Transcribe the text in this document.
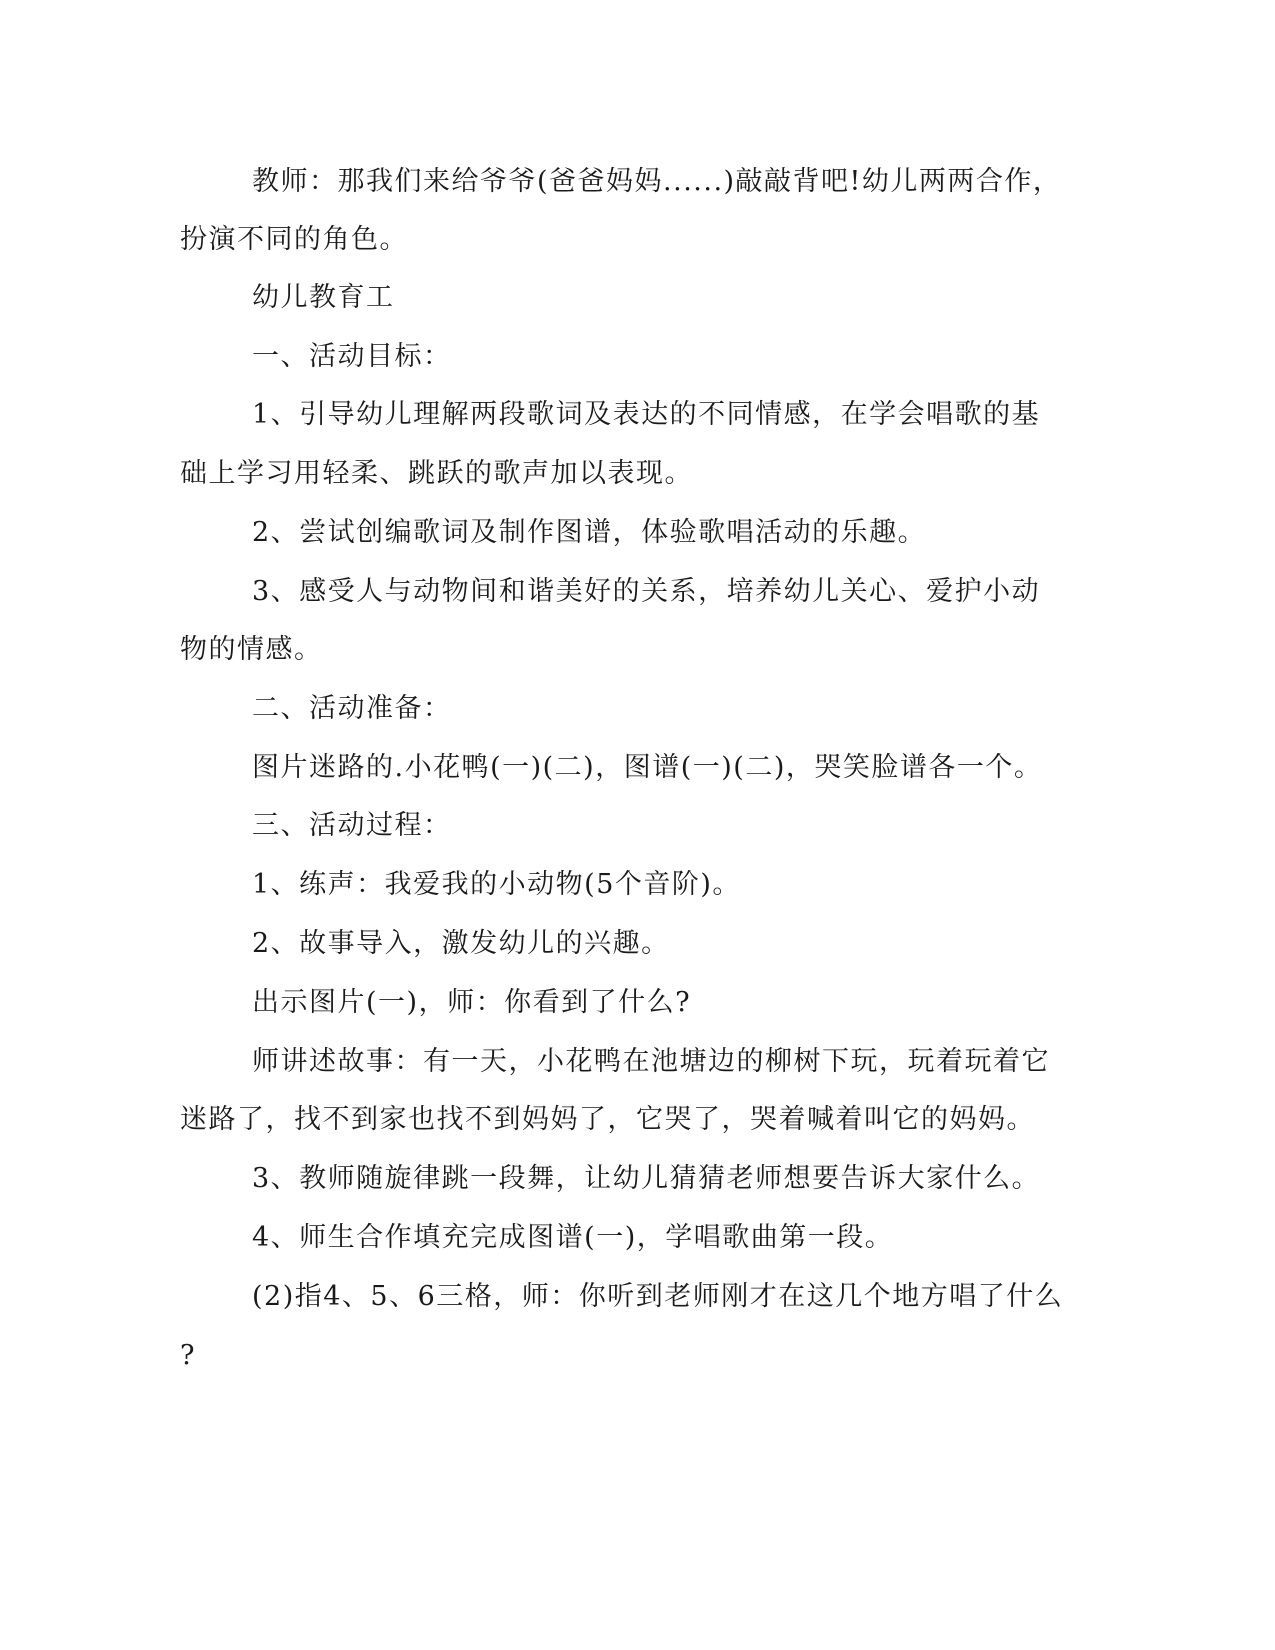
教师：那我们来给爷爷(爸爸妈妈......)敲敲背吧!幼儿两两合作，

扮演不同的角色。

幼儿教育工

一、活动目标：

1、引导幼儿理解两段歌词及表达的不同情感，在学会唱歌的基

础上学习用轻柔、跳跃的歌声加以表现。

2、尝试创编歌词及制作图谱，体验歌唱活动的乐趣。

3、感受人与动物间和谐美好的关系，培养幼儿关心、爱护小动

物的情感。

二、活动准备：

图片迷路的.小花鸭(一)(二)，图谱(一)(二)，哭笑脸谱各一个。

三、活动过程：

1、练声：我爱我的小动物(5个音阶)。

2、故事导入，激发幼儿的兴趣。

出示图片(一)，师：你看到了什么?

师讲述故事：有一天，小花鸭在池塘边的柳树下玩，玩着玩着它

迷路了，找不到家也找不到妈妈了，它哭了，哭着喊着叫它的妈妈。

3、教师随旋律跳一段舞，让幼儿猜猜老师想要告诉大家什么。

4、师生合作填充完成图谱(一)，学唱歌曲第一段。

(2)指4、5、6三格，师：你听到老师刚才在这几个地方唱了什么

?
